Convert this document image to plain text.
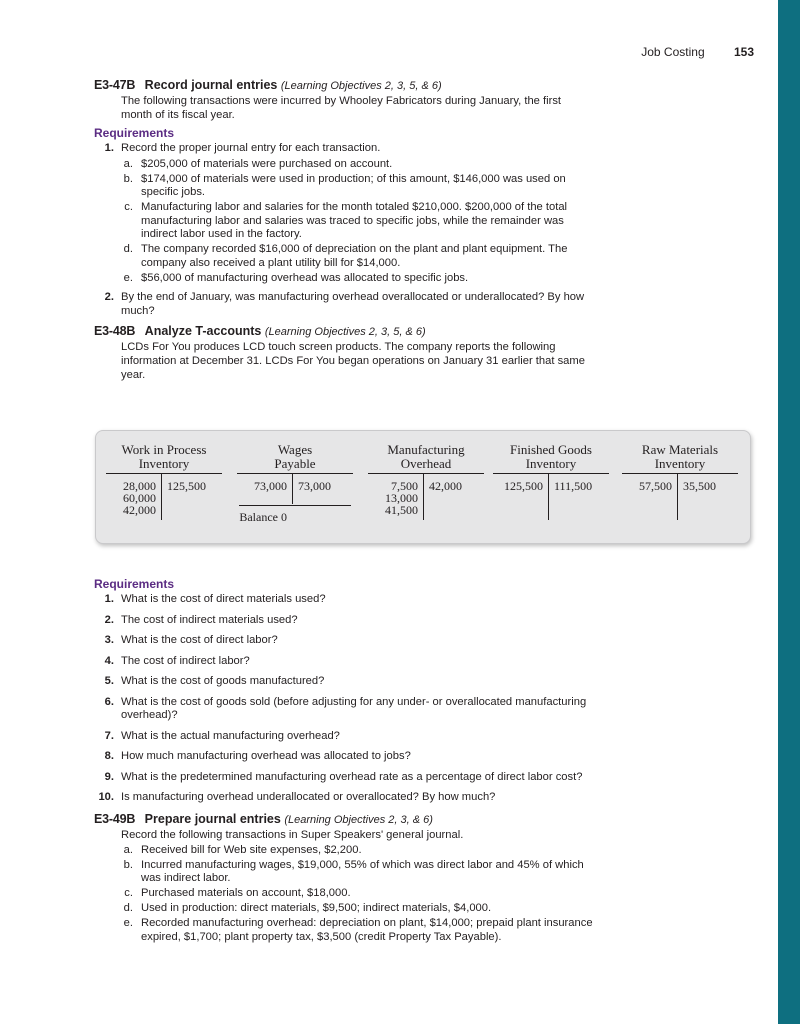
Job Costing 153
E3-47B Record journal entries (Learning Objectives 2, 3, 5, & 6)
The following transactions were incurred by Whooley Fabricators during January, the first month of its fiscal year.
Requirements
1. Record the proper journal entry for each transaction.
a. $205,000 of materials were purchased on account.
b. $174,000 of materials were used in production; of this amount, $146,000 was used on specific jobs.
c. Manufacturing labor and salaries for the month totaled $210,000. $200,000 of the total manufacturing labor and salaries was traced to specific jobs, while the remainder was indirect labor used in the factory.
d. The company recorded $16,000 of depreciation on the plant and plant equipment. The company also received a plant utility bill for $14,000.
e. $56,000 of manufacturing overhead was allocated to specific jobs.
2. By the end of January, was manufacturing overhead overallocated or underallocated? By how much?
E3-48B Analyze T-accounts (Learning Objectives 2, 3, 5, & 6)
LCDs For You produces LCD touch screen products. The company reports the following information at December 31. LCDs For You began operations on January 31 earlier that same year.
Work in Process
Inventory
28,000
60,000
42,000
125,500
Wages
Payable
73,000 73,000
Balance 0
Manufacturing
Overhead
7,500
13,000
41,500
42,000
Finished Goods
Inventory
125,500 111,500
Raw Materials
Inventory
57,500 35,500
Requirements
1. What is the cost of direct materials used?
2. The cost of indirect materials used?
3. What is the cost of direct labor?
4. The cost of indirect labor?
5. What is the cost of goods manufactured?
6. What is the cost of goods sold (before adjusting for any under- or overallocated manufacturing overhead)?
7. What is the actual manufacturing overhead?
8. How much manufacturing overhead was allocated to jobs?
9. What is the predetermined manufacturing overhead rate as a percentage of direct labor cost?
10. Is manufacturing overhead underallocated or overallocated? By how much?
E3-49B Prepare journal entries (Learning Objectives 2, 3, & 6)
Record the following transactions in Super Speakers' general journal.
a. Received bill for Web site expenses, $2,200.
b. Incurred manufacturing wages, $19,000, 55% of which was direct labor and 45% of which was indirect labor.
c. Purchased materials on account, $18,000.
d. Used in production: direct materials, $9,500; indirect materials, $4,000.
e. Recorded manufacturing overhead: depreciation on plant, $14,000; prepaid plant insurance expired, $1,700; plant property tax, $3,500 (credit Property Tax Payable).
